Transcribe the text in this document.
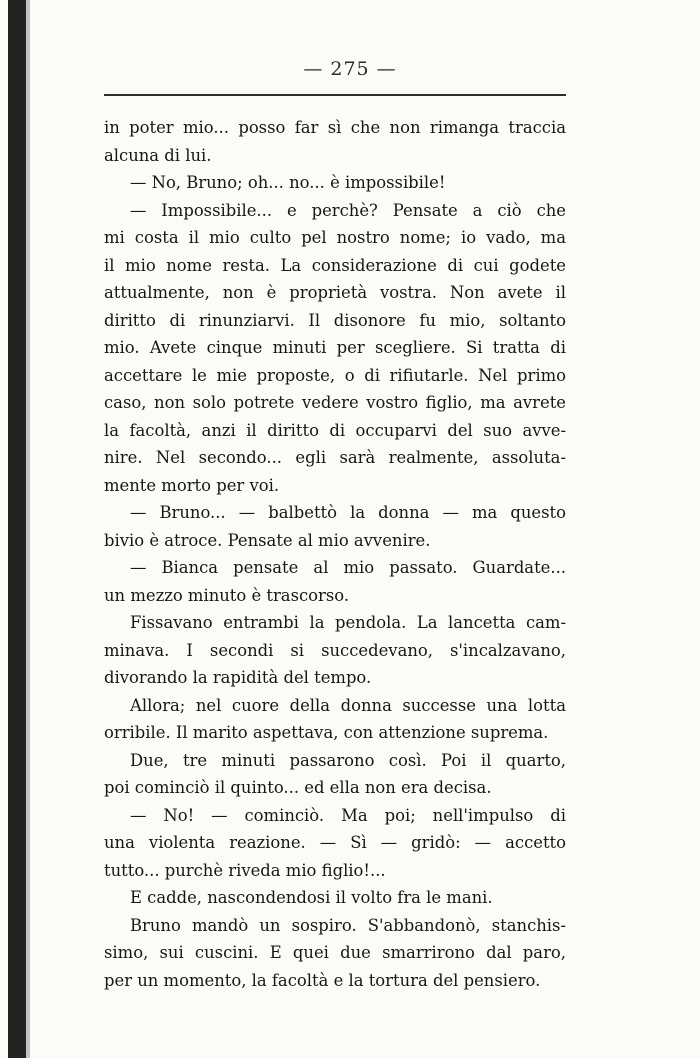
— 275 —
in poter mio... posso far sì che non rimanga traccia
alcuna di lui.
— No, Bruno; oh... no... è impossibile!
— Impossibile... e perchè? Pensate a ciò che
mi costa il mio culto pel nostro nome; io vado, ma
il mio nome resta. La considerazione di cui godete
attualmente, non è proprietà vostra. Non avete il
diritto di rinunziarvi. Il disonore fu mio, soltanto
mio. Avete cinque minuti per scegliere. Si tratta di
accettare le mie proposte, o di rifiutarle. Nel primo
caso, non solo potrete vedere vostro figlio, ma avrete
la facoltà, anzi il diritto di occuparvi del suo avve-
nire. Nel secondo... egli sarà realmente, assoluta-
mente morto per voi.
— Bruno... — balbettò la donna — ma questo
bivio è atroce. Pensate al mio avvenire.
— Bianca pensate al mio passato. Guardate...
un mezzo minuto è trascorso.
Fissavano entrambi la pendola. La lancetta cam-
minava. I secondi si succedevano, s'incalzavano,
divorando la rapidità del tempo.
Allora; nel cuore della donna successe una lotta
orribile. Il marito aspettava, con attenzione suprema.
Due, tre minuti passarono così. Poi il quarto,
poi cominciò il quinto... ed ella non era decisa.
— No! — cominciò. Ma poi; nell'impulso di
una violenta reazione. — Sì — gridò: — accetto
tutto... purchè riveda mio figlio!...
E cadde, nascondendosi il volto fra le mani.
Bruno mandò un sospiro. S'abbandonò, stanchis-
simo, sui cuscini. E quei due smarrirono dal paro,
per un momento, la facoltà e la tortura del pensiero.
